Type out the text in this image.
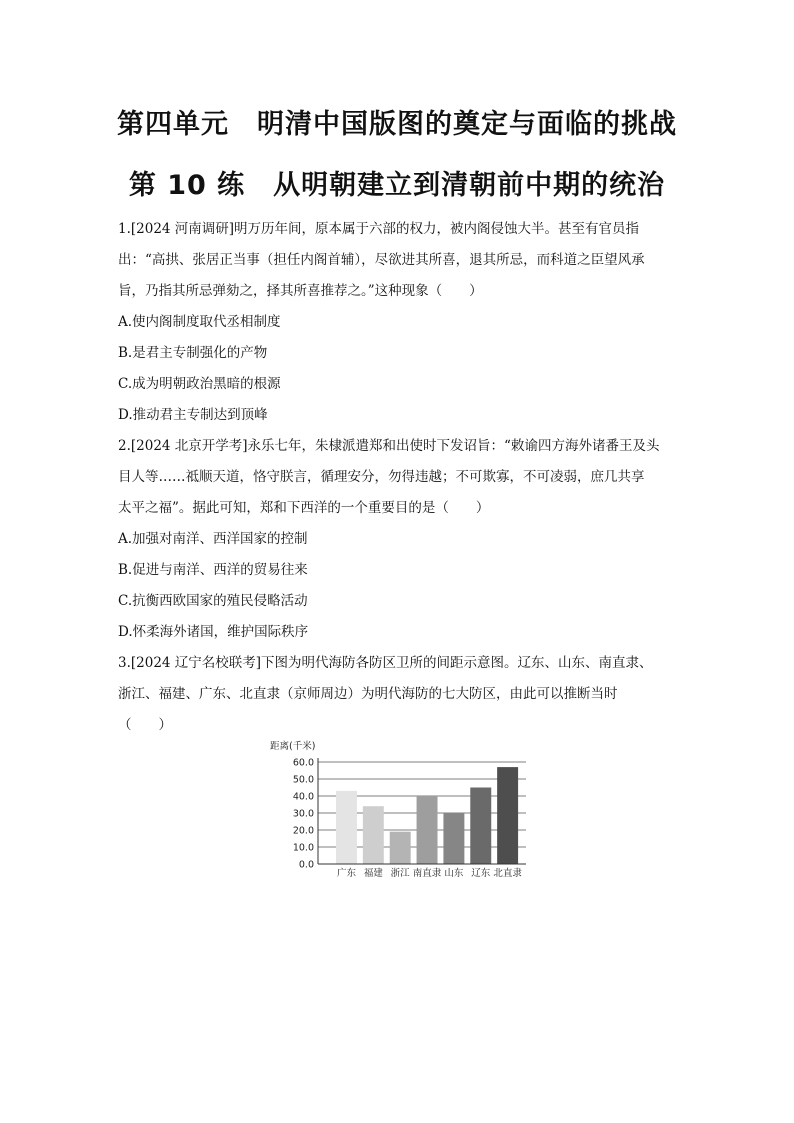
第四单元　明清中国版图的奠定与面临的挑战
第 10 练　从明朝建立到清朝前中期的统治
1.[2024 河南调研]明万历年间，原本属于六部的权力，被内阁侵蚀大半。甚至有官员指
出：“高拱、张居正当事（担任内阁首辅），尽欲进其所喜，退其所忌，而科道之臣望风承
旨，乃指其所忌弹劾之，择其所喜推荐之。”这种现象（　　）
A.使内阁制度取代丞相制度
B.是君主专制强化的产物
C.成为明朝政治黑暗的根源
D.推动君主专制达到顶峰
2.[2024 北京开学考]永乐七年，朱棣派遣郑和出使时下发诏旨：“敕谕四方海外诸番王及头
目人等……祗顺天道，恪守朕言，循理安分，勿得违越；不可欺寡，不可凌弱，庶几共享
太平之福”。据此可知，郑和下西洋的一个重要目的是（　　）
A.加强对南洋、西洋国家的控制
B.促进与南洋、西洋的贸易往来
C.抗衡西欧国家的殖民侵略活动
D.怀柔海外诸国，维护国际秩序
3.[2024 辽宁名校联考]下图为明代海防各防区卫所的间距示意图。辽东、山东、南直隶、
浙江、福建、广东、北直隶（京师周边）为明代海防的七大防区，由此可以推断当时
（　　）
距离(千米)
60.0
50.0
40.0
30.0
20.0
10.0
0.0
广东 福建 浙江 南直隶 山东 辽东 北直隶
